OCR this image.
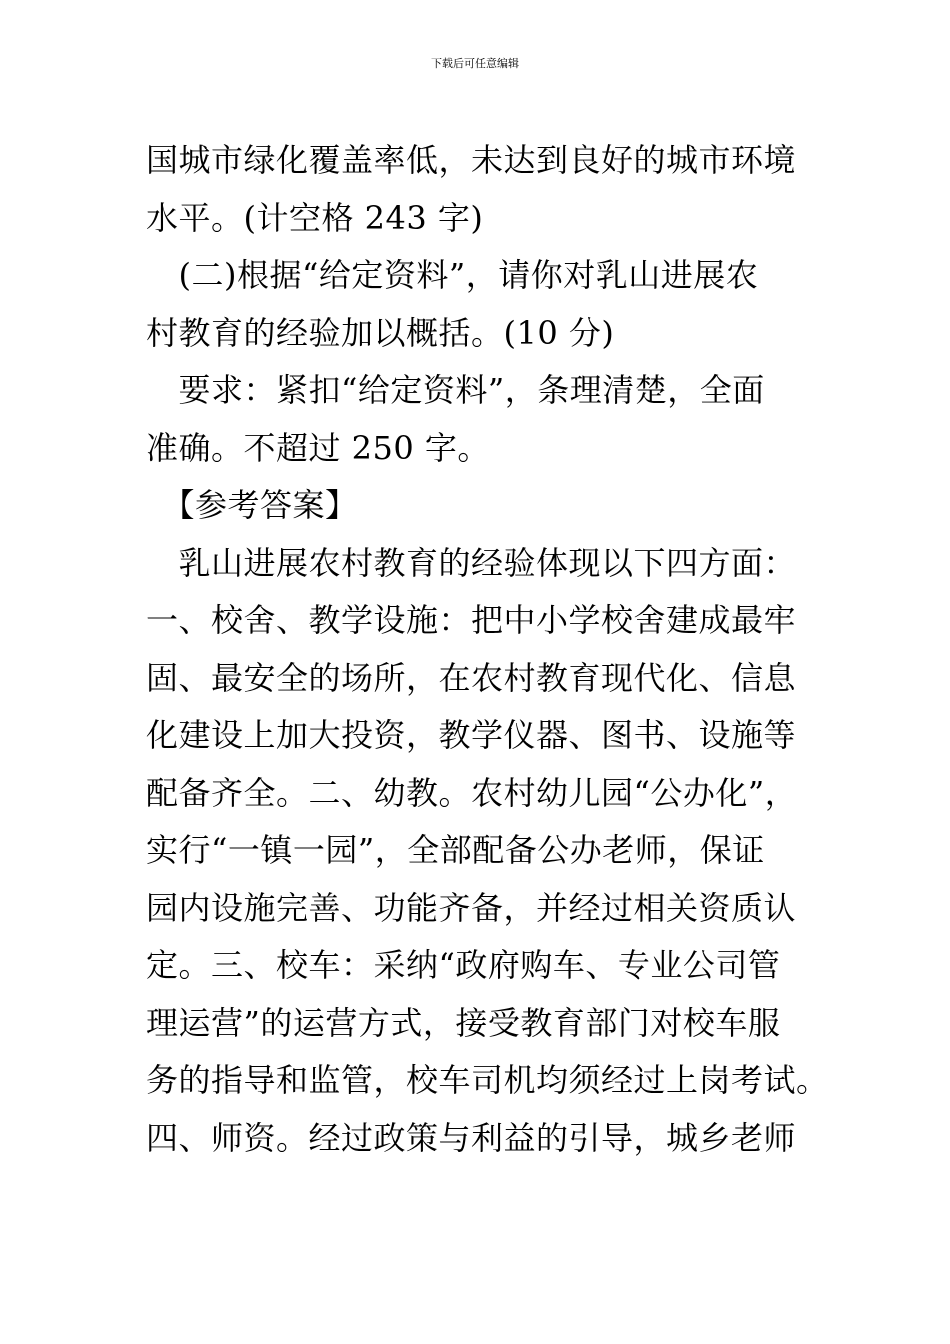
下载后可任意编辑
国城市绿化覆盖率低，未达到良好的城市环境
水平。(计空格 243 字)
　(二)根据“给定资料”，请你对乳山进展农
村教育的经验加以概括。(10 分)
　要求：紧扣“给定资料”，条理清楚，全面
准确。不超过 250 字。
　【参考答案】
　乳山进展农村教育的经验体现以下四方面：
一、校舍、教学设施：把中小学校舍建成最牢
固、最安全的场所，在农村教育现代化、信息
化建设上加大投资，教学仪器、图书、设施等
配备齐全。二、幼教。农村幼儿园“公办化”，
实行“一镇一园”，全部配备公办老师，保证
园内设施完善、功能齐备，并经过相关资质认
定。三、校车：采纳“政府购车、专业公司管
理运营”的运营方式，接受教育部门对校车服
务的指导和监管，校车司机均须经过上岗考试。
四、师资。经过政策与利益的引导，城乡老师
